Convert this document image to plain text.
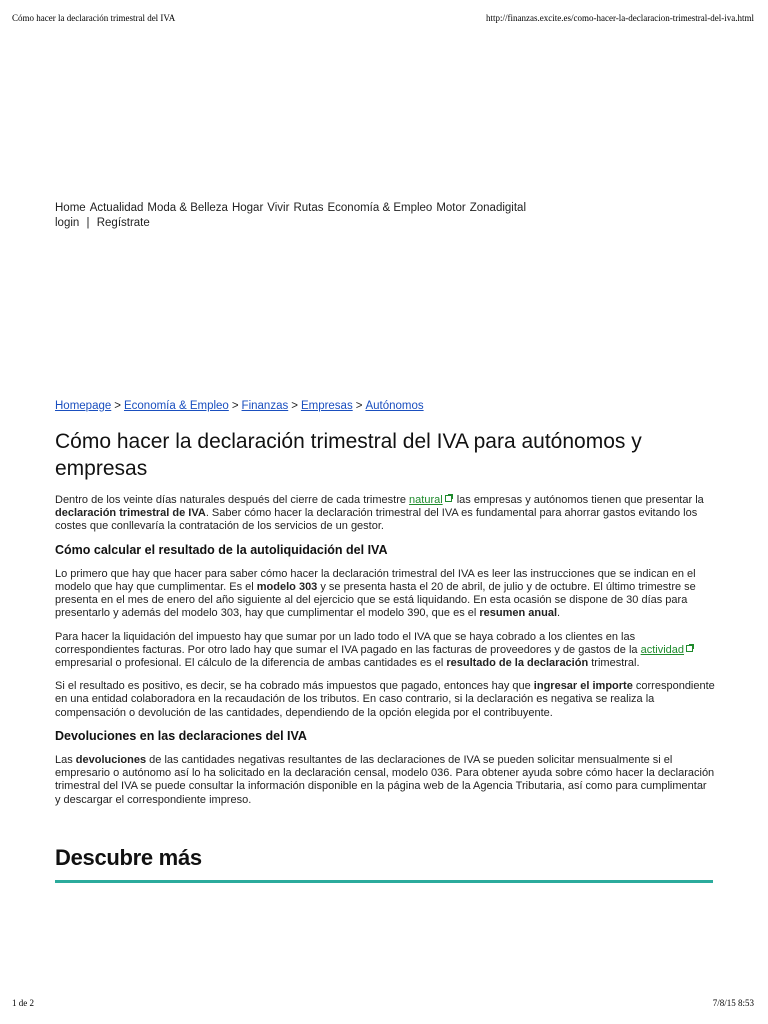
Cómo hacer la declaración trimestral del IVA	http://finanzas.excite.es/como-hacer-la-declaracion-trimestral-del-iva.html
Home Actualidad Moda & Belleza Hogar Vivir Rutas Economía & Empleo Motor Zonadigital
login | Regístrate
Homepage > Economía & Empleo > Finanzas > Empresas > Autónomos
Cómo hacer la declaración trimestral del IVA para autónomos y empresas

Dentro de los veinte días naturales después del cierre de cada trimestre natural las empresas y autónomos tienen que presentar la declaración trimestral de IVA. Saber cómo hacer la declaración trimestral del IVA es fundamental para ahorrar gastos evitando los costes que conllevaría la contratación de los servicios de un gestor.

Cómo calcular el resultado de la autoliquidación del IVA

Lo primero que hay que hacer para saber cómo hacer la declaración trimestral del IVA es leer las instrucciones que se indican en el modelo que hay que cumplimentar. Es el modelo 303 y se presenta hasta el 20 de abril, de julio y de octubre. El último trimestre se presenta en el mes de enero del año siguiente al del ejercicio que se está liquidando. En esta ocasión se dispone de 30 días para presentarlo y además del modelo 303, hay que cumplimentar el modelo 390, que es el resumen anual.

Para hacer la liquidación del impuesto hay que sumar por un lado todo el IVA que se haya cobrado a los clientes en las correspondientes facturas. Por otro lado hay que sumar el IVA pagado en las facturas de proveedores y de gastos de la actividad empresarial o profesional. El cálculo de la diferencia de ambas cantidades es el resultado de la declaración trimestral.

Si el resultado es positivo, es decir, se ha cobrado más impuestos que pagado, entonces hay que ingresar el importe correspondiente en una entidad colaboradora en la recaudación de los tributos. En caso contrario, si la declaración es negativa se realiza la compensación o devolución de las cantidades, dependiendo de la opción elegida por el contribuyente.

Devoluciones en las declaraciones del IVA

Las devoluciones de las cantidades negativas resultantes de las declaraciones de IVA se pueden solicitar mensualmente si el empresario o autónomo así lo ha solicitado en la declaración censal, modelo 036. Para obtener ayuda sobre cómo hacer la declaración trimestral del IVA se puede consultar la información disponible en la página web de la Agencia Tributaria, así como para cumplimentar y descargar el correspondiente impreso.

Descubre más
1 de 2	7/8/15 8:53
